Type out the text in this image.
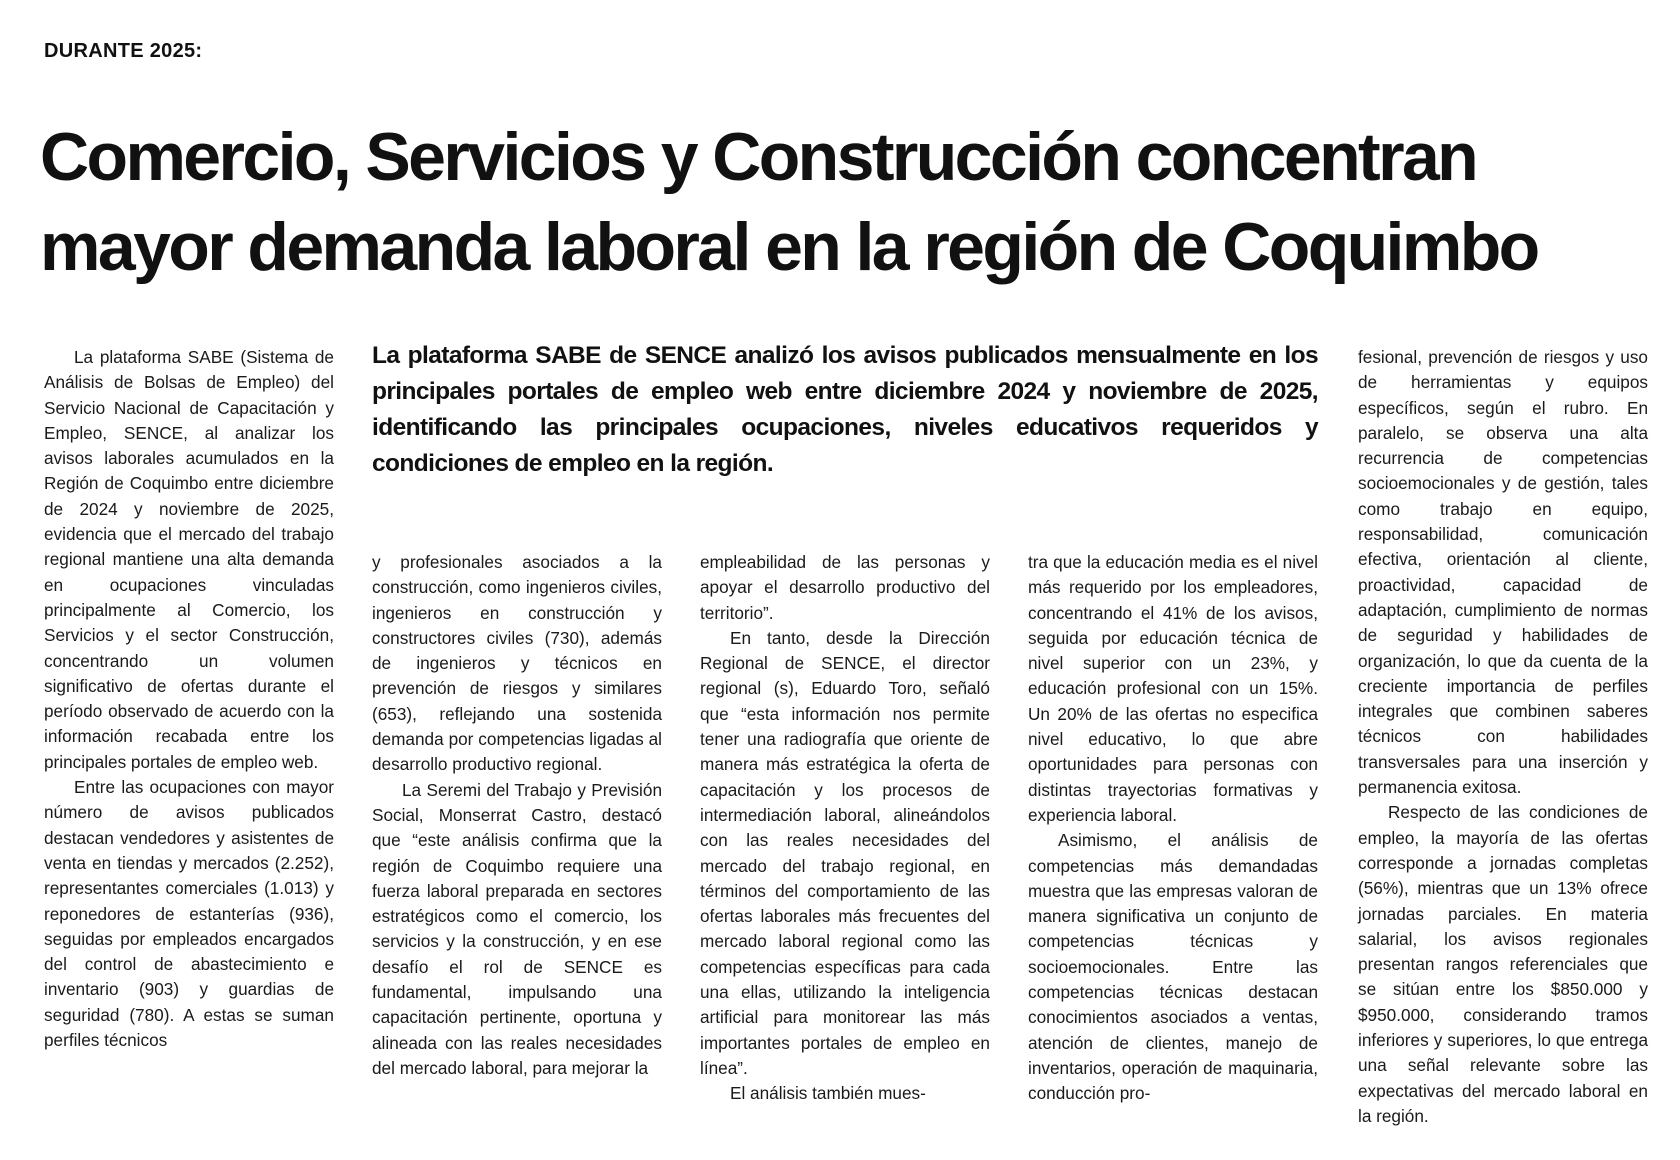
DURANTE 2025:
Comercio, Servicios y Construcción concentran
mayor demanda laboral en la región de Coquimbo
La plataforma SABE de SENCE analizó los avisos publicados mensualmente en los principales portales de empleo web entre diciembre 2024 y noviembre de 2025, identificando las principales ocupaciones, niveles educativos requeridos y condiciones de empleo en la región.

La plataforma SABE (Sistema de Análisis de Bolsas de Empleo) del Servicio Nacional de Capacitación y Empleo, SENCE, al analizar los avisos laborales acumulados en la Región de Coquimbo entre diciembre de 2024 y noviembre de 2025, evidencia que el mercado del trabajo regional mantiene una alta demanda en ocupaciones vinculadas principalmente al Comercio, los Servicios y el sector Construcción, concentrando un volumen significativo de ofertas durante el período observado de acuerdo con la información recabada entre los principales portales de empleo web.

Entre las ocupaciones con mayor número de avisos publicados destacan vendedores y asistentes de venta en tiendas y mercados (2.252), representantes comerciales (1.013) y reponedores de estanterías (936), seguidas por empleados encargados del control de abastecimiento e inventario (903) y guardias de seguridad (780). A estas se suman perfiles técnicos

y profesionales asociados a la construcción, como ingenieros civiles, ingenieros en construcción y constructores civiles (730), además de ingenieros y técnicos en prevención de riesgos y similares (653), reflejando una sostenida demanda por competencias ligadas al desarrollo productivo regional.

La Seremi del Trabajo y Previsión Social, Monserrat Castro, destacó que “este análisis confirma que la región de Coquimbo requiere una fuerza laboral preparada en sectores estratégicos como el comercio, los servicios y la construcción, y en ese desafío el rol de SENCE es fundamental, impulsando una capacitación pertinente, oportuna y alineada con las reales necesidades del mercado laboral, para mejorar la

empleabilidad de las personas y apoyar el desarrollo productivo del territorio”.

En tanto, desde la Dirección Regional de SENCE, el director regional (s), Eduardo Toro, señaló que “esta información nos permite tener una radiografía que oriente de manera más estratégica la oferta de capacitación y los procesos de intermediación laboral, alineándolos con las reales necesidades del mercado del trabajo regional, en términos del comportamiento de las ofertas laborales más frecuentes del mercado laboral regional como las competencias específicas para cada una ellas, utilizando la inteligencia artificial para monitorear las más importantes portales de empleo en línea”.

El análisis también mues-

tra que la educación media es el nivel más requerido por los empleadores, concentrando el 41% de los avisos, seguida por educación técnica de nivel superior con un 23%, y educación profesional con un 15%. Un 20% de las ofertas no especifica nivel educativo, lo que abre oportunidades para personas con distintas trayectorias formativas y experiencia laboral.

Asimismo, el análisis de competencias más demandadas muestra que las empresas valoran de manera significativa un conjunto de competencias técnicas y socioemocionales. Entre las competencias técnicas destacan conocimientos asociados a ventas, atención de clientes, manejo de inventarios, operación de maquinaria, conducción pro-

fesional, prevención de riesgos y uso de herramientas y equipos específicos, según el rubro. En paralelo, se observa una alta recurrencia de competencias socioemocionales y de gestión, tales como trabajo en equipo, responsabilidad, comunicación efectiva, orientación al cliente, proactividad, capacidad de adaptación, cumplimiento de normas de seguridad y habilidades de organización, lo que da cuenta de la creciente importancia de perfiles integrales que combinen saberes técnicos con habilidades transversales para una inserción y permanencia exitosa.

Respecto de las condiciones de empleo, la mayoría de las ofertas corresponde a jornadas completas (56%), mientras que un 13% ofrece jornadas parciales. En materia salarial, los avisos regionales presentan rangos referenciales que se sitúan entre los $850.000 y $950.000, considerando tramos inferiores y superiores, lo que entrega una señal relevante sobre las expectativas del mercado laboral en la región.
